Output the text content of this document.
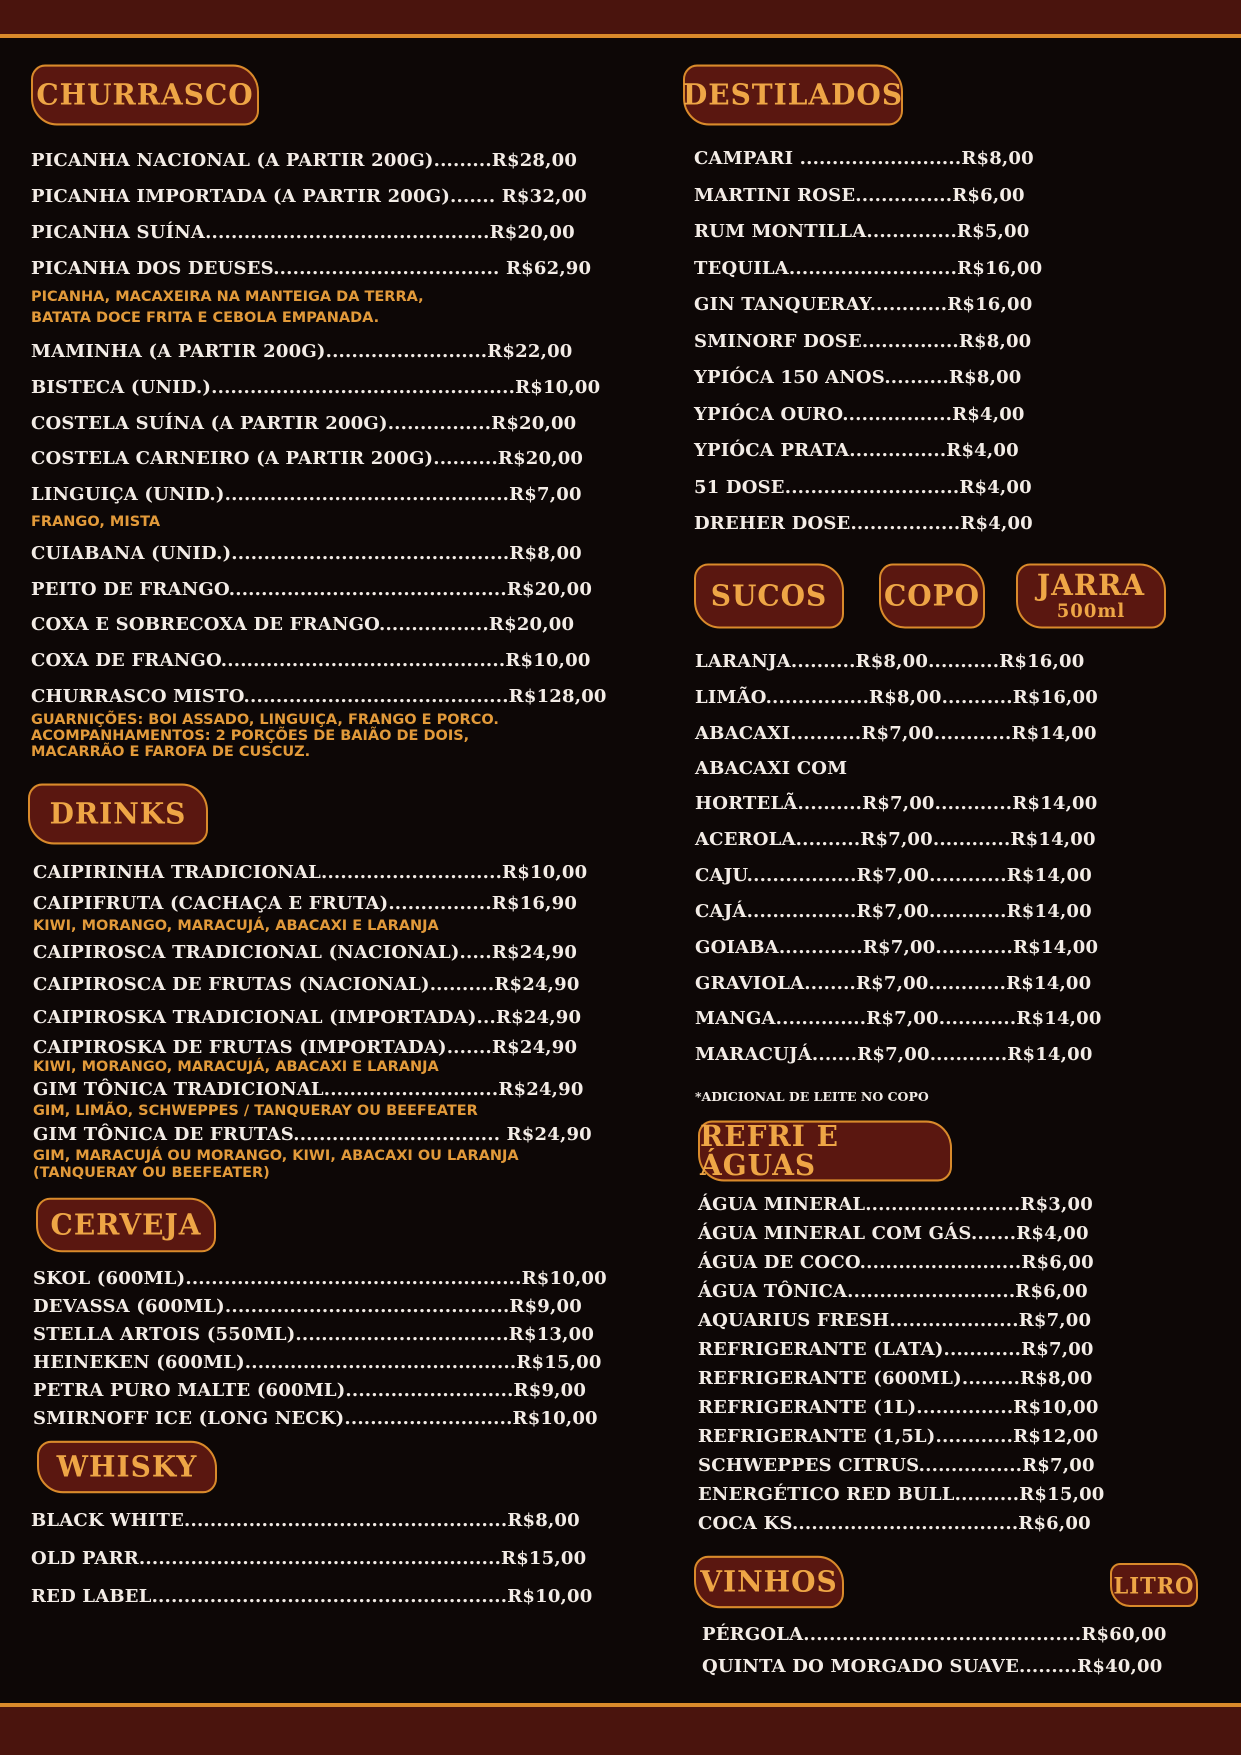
CHURRASCO
PICANHA NACIONAL (A PARTIR 200G).........R$28,00
PICANHA IMPORTADA (A PARTIR 200G)....... R$32,00
PICANHA SUÍNA............................................R$20,00
PICANHA DOS DEUSES................................... R$62,90
PICANHA, MACAXEIRA NA MANTEIGA DA TERRA,
BATATA DOCE FRITA E CEBOLA EMPANADA.
MAMINHA (A PARTIR 200G).........................R$22,00
BISTECA (UNID.)...............................................R$10,00
COSTELA SUÍNA (A PARTIR 200G)................R$20,00
COSTELA CARNEIRO (A PARTIR 200G)..........R$20,00
LINGUIÇA (UNID.)............................................R$7,00
FRANGO, MISTA
CUIABANA (UNID.)...........................................R$8,00
PEITO DE FRANGO...........................................R$20,00
COXA E SOBRECOXA DE FRANGO.................R$20,00
COXA DE FRANGO............................................R$10,00
CHURRASCO MISTO.........................................R$128,00
GUARNIÇÕES: BOI ASSADO, LINGUIÇA, FRANGO E PORCO.
ACOMPANHAMENTOS: 2 PORÇÕES DE BAIÃO DE DOIS,
MACARRÃO E FAROFA DE CUSCUZ.
DRINKS
CAIPIRINHA TRADICIONAL............................R$10,00
CAIPIFRUTA (CACHAÇA E FRUTA)................R$16,90
KIWI, MORANGO, MARACUJÁ, ABACAXI E LARANJA
CAIPIROSCA TRADICIONAL (NACIONAL).....R$24,90
CAIPIROSCA DE FRUTAS (NACIONAL)..........R$24,90
CAIPIROSKA TRADICIONAL (IMPORTADA)...R$24,90
CAIPIROSKA DE FRUTAS (IMPORTADA).......R$24,90
KIWI, MORANGO, MARACUJÁ, ABACAXI E LARANJA
GIM TÔNICA TRADICIONAL...........................R$24,90
GIM, LIMÃO, SCHWEPPES / TANQUERAY OU BEEFEATER
GIM TÔNICA DE FRUTAS................................ R$24,90
GIM, MARACUJÁ OU MORANGO, KIWI, ABACAXI OU LARANJA
(TANQUERAY OU BEEFEATER)
CERVEJA
SKOL (600ML)....................................................R$10,00
DEVASSA (600ML)............................................R$9,00
STELLA ARTOIS (550ML).................................R$13,00
HEINEKEN (600ML)..........................................R$15,00
PETRA PURO MALTE (600ML)..........................R$9,00
SMIRNOFF ICE (LONG NECK)..........................R$10,00
WHISKY
BLACK WHITE..................................................R$8,00
OLD PARR........................................................R$15,00
RED LABEL.......................................................R$10,00
DESTILADOS
CAMPARI .........................R$8,00
MARTINI ROSE...............R$6,00
RUM MONTILLA..............R$5,00
TEQUILA..........................R$16,00
GIN TANQUERAY............R$16,00
SMINORF DOSE...............R$8,00
YPIÓCA 150 ANOS..........R$8,00
YPIÓCA OURO.................R$4,00
YPIÓCA PRATA...............R$4,00
51 DOSE...........................R$4,00
DREHER DOSE.................R$4,00
SUCOS	COPO JARRA
500ml
LARANJA..........R$8,00...........R$16,00
LIMÃO................R$8,00...........R$16,00
ABACAXI...........R$7,00............R$14,00
ABACAXI COM
HORTELÃ..........R$7,00............R$14,00
ACEROLA..........R$7,00............R$14,00
CAJU.................R$7,00............R$14,00
CAJÁ.................R$7,00............R$14,00
GOIABA.............R$7,00............R$14,00
GRAVIOLA........R$7,00............R$14,00
MANGA..............R$7,00............R$14,00
MARACUJÁ.......R$7,00............R$14,00
*ADICIONAL DE LEITE NO COPO
REFRI E ÁGUAS
ÁGUA MINERAL........................R$3,00
ÁGUA MINERAL COM GÁS.......R$4,00
ÁGUA DE COCO.........................R$6,00
ÁGUA TÔNICA..........................R$6,00
AQUARIUS FRESH....................R$7,00
REFRIGERANTE (LATA)............R$7,00
REFRIGERANTE (600ML).........R$8,00
REFRIGERANTE (1L)...............R$10,00
REFRIGERANTE (1,5L)............R$12,00
SCHWEPPES CITRUS................R$7,00
ENERGÉTICO RED BULL..........R$15,00
COCA KS...................................R$6,00
VINHOS	LITRO
PÉRGOLA...........................................R$60,00
QUINTA DO MORGADO SUAVE.........R$40,00
